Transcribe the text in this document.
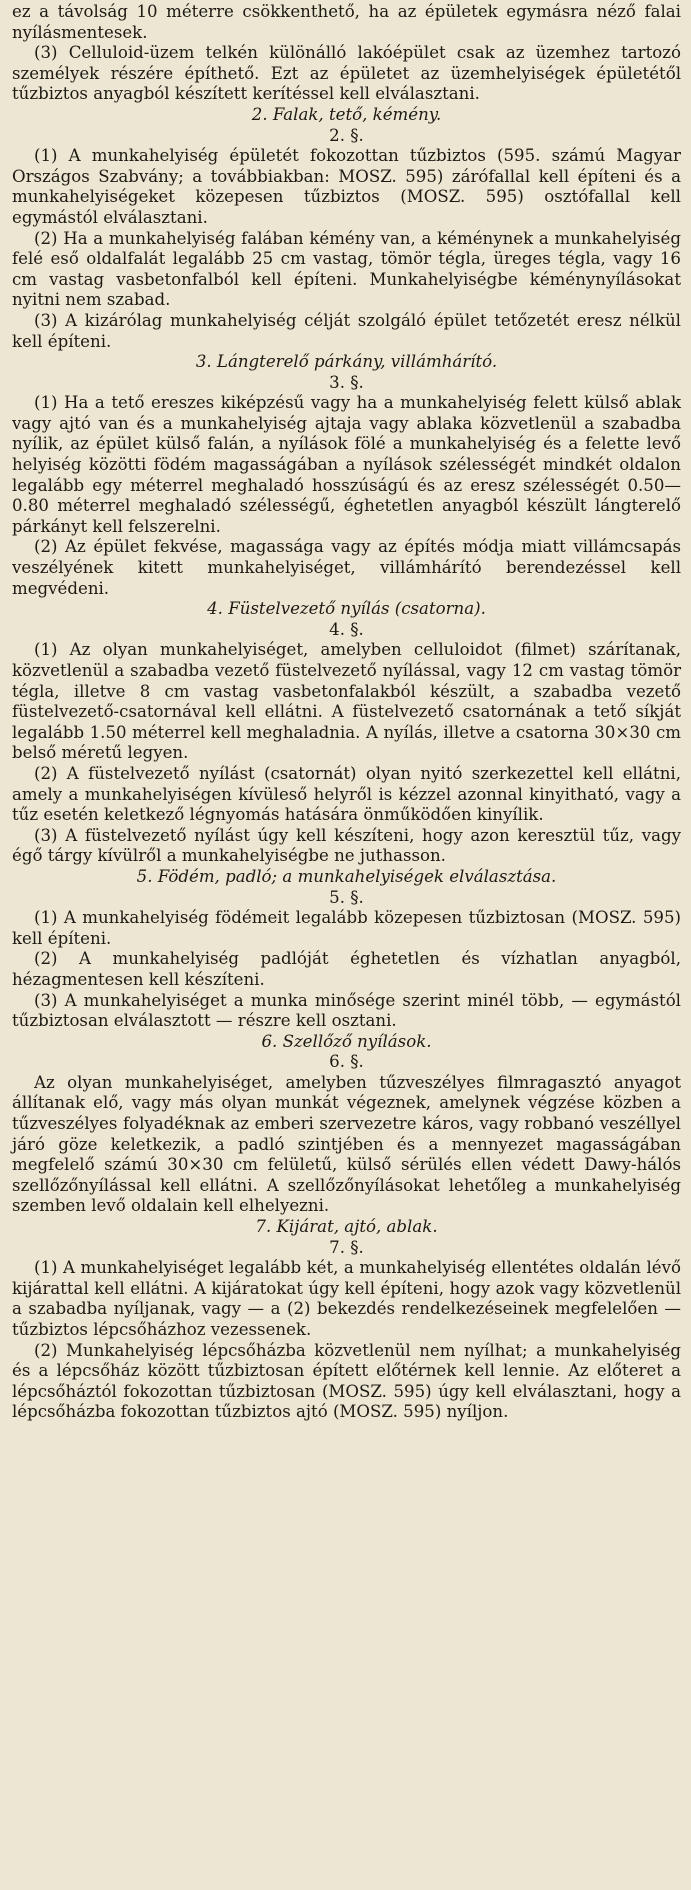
ez a távolság 10 méterre csökkenthető, ha az épületek egymásra néző falai nyílásmentesek.

(3) Celluloid-üzem telkén különálló lakóépület csak az üzemhez tartozó személyek részére építhető. Ezt az épületet az üzemhelyiségek épületétől tűzbiztos anyagból készített kerítéssel kell elválasztani.

2. Falak, tető, kémény.

2. §.

(1) A munkahelyiség épületét fokozottan tűzbiztos (595. számú Magyar Országos Szabvány; a továbbiakban: MOSZ. 595) zárófallal kell építeni és a munkahelyiségeket közepesen tűzbiztos (MOSZ. 595) osztófallal kell egymástól elválasztani.

(2) Ha a munkahelyiség falában kémény van, a kéménynek a munkahelyiség felé eső oldalfalát legalább 25 cm vastag, tömör tégla, üreges tégla, vagy 16 cm vastag vasbetonfalból kell építeni. Munkahelyiségbe kéménynyílásokat nyitni nem szabad.

(3) A kizárólag munkahelyiség célját szolgáló épület tetőzetét eresz nélkül kell építeni.

3. Lángterelő párkány, villámhárító.

3. §.

(1) Ha a tető ereszes kiképzésű vagy ha a munkahelyiség felett külső ablak vagy ajtó van és a munkahelyiség ajtaja vagy ablaka közvetlenül a szabadba nyílik, az épület külső falán, a nyílások fölé a munkahelyiség és a felette levő helyiség közötti födém magasságában a nyílások szélességét mindkét oldalon legalább egy méterrel meghaladó hosszúságú és az eresz szélességét 0.50—0.80 méterrel meghaladó szélességű, éghetetlen anyagból készült lángterelő párkányt kell felszerelni.

(2) Az épület fekvése, magassága vagy az építés módja miatt villámcsapás veszélyének kitett munkahelyiséget, villámhárító berendezéssel kell megvédeni.

4. Füstelvezető nyílás (csatorna).

4. §.

(1) Az olyan munkahelyiséget, amelyben celluloidot (filmet) szárítanak, közvetlenül a szabadba vezető füstelvezető nyílással, vagy 12 cm vastag tömör tégla, illetve 8 cm vastag vasbetonfalakból készült, a szabadba vezető füstelvezető-csatornával kell ellátni. A füstelvezető csatornának a tető síkját legalább 1.50 méterrel kell meghaladnia. A nyílás, illetve a csatorna 30×30 cm belső méretű legyen.

(2) A füstelvezető nyílást (csatornát) olyan nyitó szerkezettel kell ellátni, amely a munkahelyiségen kívüleső helyről is kézzel azonnal kinyitható, vagy a tűz esetén keletkező légnyomás hatására önműködően kinyílik.

(3) A füstelvezető nyílást úgy kell készíteni, hogy azon keresztül tűz, vagy égő tárgy kívülről a munkahelyiségbe ne juthasson.

5. Födém, padló; a munkahelyiségek elválasztása.

5. §.

(1) A munkahelyiség födémeit legalább közepesen tűzbiztosan (MOSZ. 595) kell építeni.

(2) A munkahelyiség padlóját éghetetlen és vízhatlan anyagból, hézagmentesen kell készíteni.

(3) A munkahelyiséget a munka minősége szerint minél több, — egymástól tűzbiztosan elválasztott — részre kell osztani.

6. Szellőző nyílások.

6. §.

Az olyan munkahelyiséget, amelyben tűzveszélyes filmragasztó anyagot állítanak elő, vagy más olyan munkát végeznek, amelynek végzése közben a tűzveszélyes folyadéknak az emberi szervezetre káros, vagy robbanó veszéllyel járó göze keletkezik, a padló szintjében és a mennyezet magasságában megfelelő számú 30×30 cm felületű, külső sérülés ellen védett Dawy-hálós szellőzőnyílással kell ellátni. A szellőzőnyílásokat lehetőleg a munkahelyiség szemben levő oldalain kell elhelyezni.

7. Kijárat, ajtó, ablak.

7. §.

(1) A munkahelyiséget legalább két, a munkahelyiség ellentétes oldalán lévő kijárattal kell ellátni. A kijáratokat úgy kell építeni, hogy azok vagy közvetlenül a szabadba nyíljanak, vagy — a (2) bekezdés rendelkezéseinek megfelelően — tűzbiztos lépcsőházhoz vezessenek.

(2) Munkahelyiség lépcsőházba közvetlenül nem nyílhat; a munkahelyiség és a lépcsőház között tűzbiztosan épített előtérnek kell lennie. Az előteret a lépcsőháztól fokozottan tűzbiztosan (MOSZ. 595) úgy kell elválasztani, hogy a lépcsőházba fokozottan tűzbiztos ajtó (MOSZ. 595) nyíljon.
